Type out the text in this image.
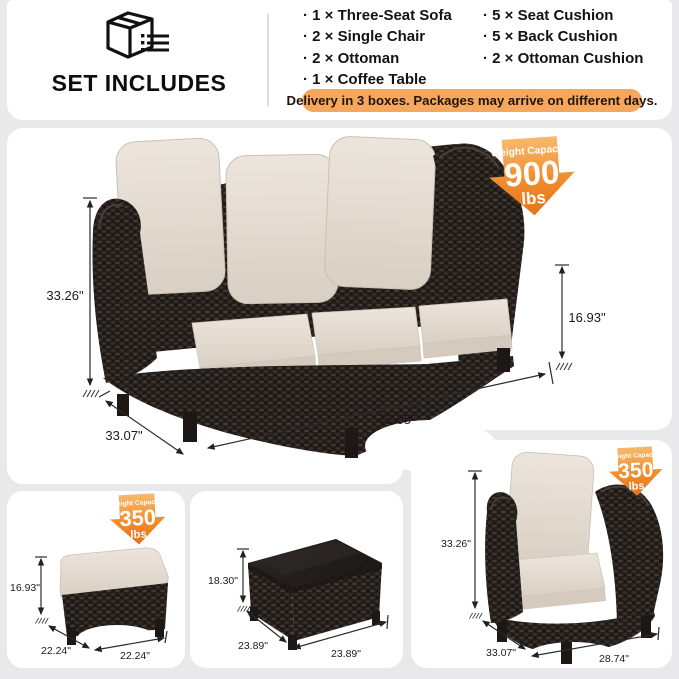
SET INCLUDES
· 1 × Three-Seat Sofa
· 2 × Single Chair
· 2 × Ottoman
· 1 × Coffee Table
· 5 × Seat Cushion
· 5 × Back Cushion
· 2 × Ottoman Cushion
Delivery in 3 boxes. Packages may arrive on different days.
Weight Capacity
900
lbs
33.26"
16.93"
72.05"
33.07"
Weight Capacity
350
lbs
16.93"
22.24"	22.24"
18.30"
23.89"
23.89"
Weight Capacity
350
lbs
33.26"
33.07"	28.74"
